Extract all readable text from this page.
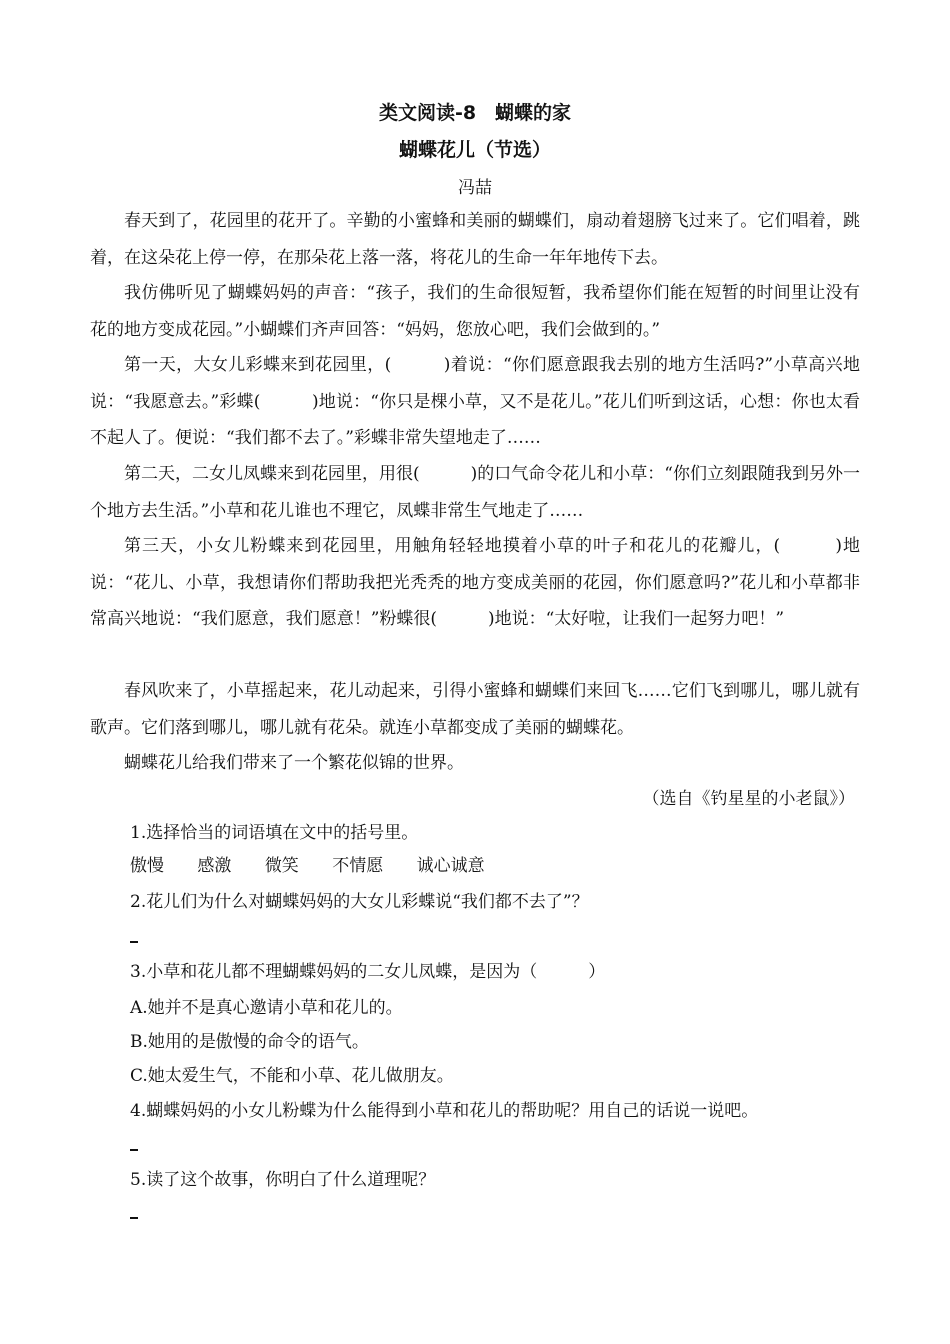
类文阅读-8　蝴蝶的家
蝴蝶花儿（节选）
冯喆

春天到了，花园里的花开了。辛勤的小蜜蜂和美丽的蝴蝶们，扇动着翅膀飞过来了。它们唱着，跳着，在这朵花上停一停，在那朵花上落一落，将花儿的生命一年年地传下去。

我仿佛听见了蝴蝶妈妈的声音：“孩子，我们的生命很短暂，我希望你们能在短暂的时间里让没有花的地方变成花园。”小蝴蝶们齐声回答：“妈妈，您放心吧，我们会做到的。”

第一天，大女儿彩蝶来到花园里，(　　　)着说：“你们愿意跟我去别的地方生活吗?”小草高兴地说：“我愿意去。”彩蝶(　　　)地说：“你只是棵小草，又不是花儿。”花儿们听到这话，心想：你也太看不起人了。便说：“我们都不去了。”彩蝶非常失望地走了……

第二天，二女儿凤蝶来到花园里，用很(　　　)的口气命令花儿和小草：“你们立刻跟随我到另外一个地方去生活。”小草和花儿谁也不理它，凤蝶非常生气地走了……

第三天，小女儿粉蝶来到花园里，用触角轻轻地摸着小草的叶子和花儿的花瓣儿，(　　　)地说：“花儿、小草，我想请你们帮助我把光秃秃的地方变成美丽的花园，你们愿意吗?”花儿和小草都非常高兴地说：“我们愿意，我们愿意！”粉蝶很(　　　)地说：“太好啦，让我们一起努力吧！”

春风吹来了，小草摇起来，花儿动起来，引得小蜜蜂和蝴蝶们来回飞……它们飞到哪儿，哪儿就有歌声。它们落到哪儿，哪儿就有花朵。就连小草都变成了美丽的蝴蝶花。

蝴蝶花儿给我们带来了一个繁花似锦的世界。

（选自《钓星星的小老鼠》）

1.选择恰当的词语填在文中的括号里。

傲慢 感激 微笑 不情愿 诚心诚意

2.花儿们为什么对蝴蝶妈妈的大女儿彩蝶说“我们都不去了”？

3.小草和花儿都不理蝴蝶妈妈的二女儿凤蝶，是因为（　　　）

A.她并不是真心邀请小草和花儿的。

B.她用的是傲慢的命令的语气。

C.她太爱生气，不能和小草、花儿做朋友。

4.蝴蝶妈妈的小女儿粉蝶为什么能得到小草和花儿的帮助呢？用自己的话说一说吧。

5.读了这个故事，你明白了什么道理呢？
